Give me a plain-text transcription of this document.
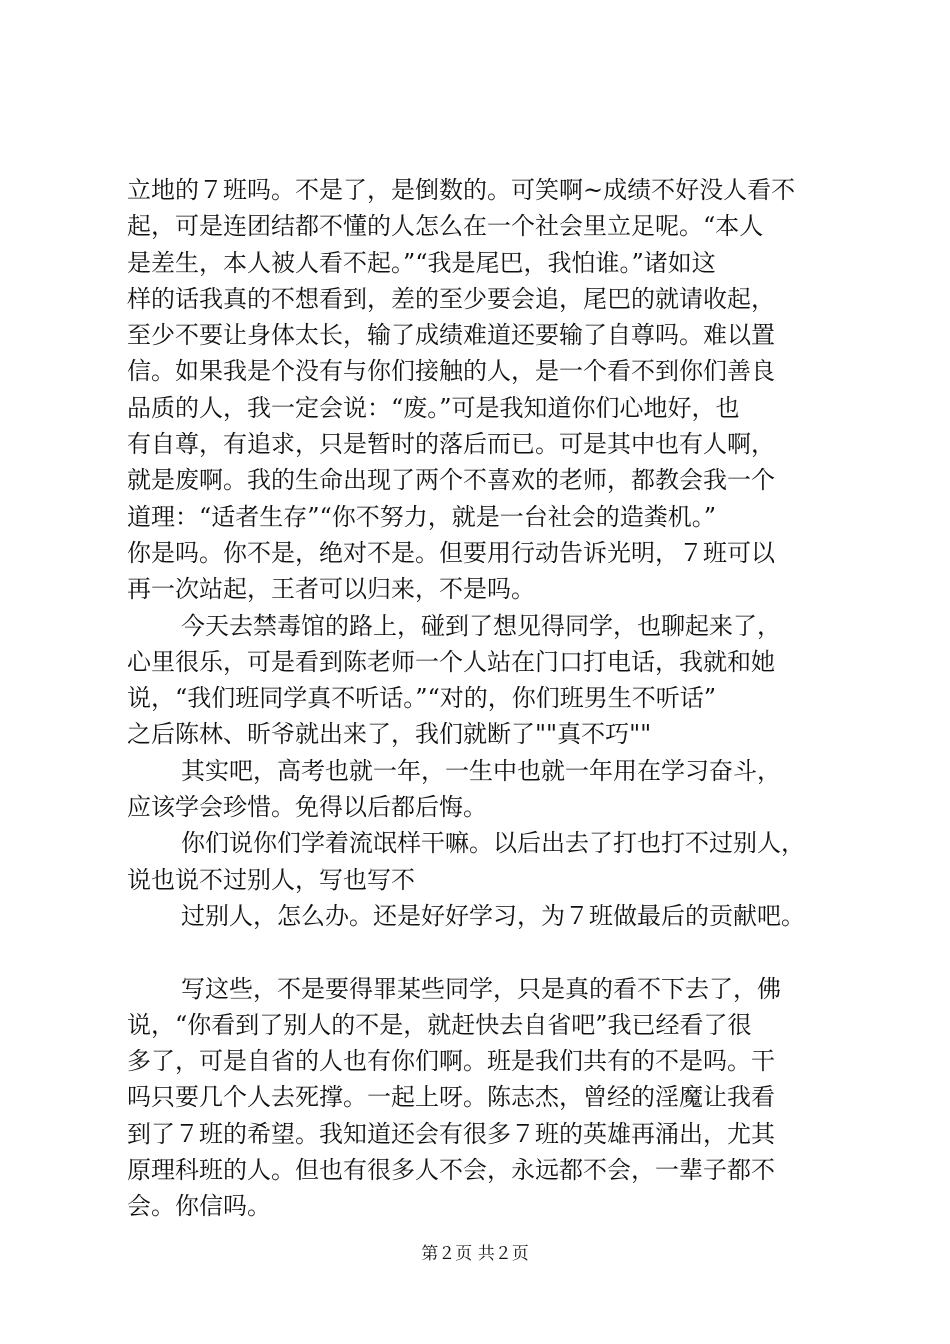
立地的７班吗。不是了，是倒数的。可笑啊~成绩不好没人看不
起，可是连团结都不懂的人怎么在一个社会里立足呢。“本人
是差生，本人被人看不起。”“我是尾巴，我怕谁。”诸如这
样的话我真的不想看到，差的至少要会追，尾巴的就请收起，
至少不要让身体太长，输了成绩难道还要输了自尊吗。难以置
信。如果我是个没有与你们接触的人，是一个看不到你们善良
品质的人，我一定会说：“废。”可是我知道你们心地好，也
有自尊，有追求，只是暂时的落后而已。可是其中也有人啊，
就是废啊。我的生命出现了两个不喜欢的老师，都教会我一个
道理：“适者生存”“你不努力，就是一台社会的造粪机。”
你是吗。你不是，绝对不是。但要用行动告诉光明，７班可以
再一次站起，王者可以归来，不是吗。
今天去禁毒馆的路上，碰到了想见得同学，也聊起来了，
心里很乐，可是看到陈老师一个人站在门口打电话，我就和她
说，“我们班同学真不听话。”“对的，你们班男生不听话”
之后陈林、昕爷就出来了，我们就断了""真不巧""
其实吧，高考也就一年，一生中也就一年用在学习奋斗，
应该学会珍惜。免得以后都后悔。
你们说你们学着流氓样干嘛。以后出去了打也打不过别人，
说也说不过别人，写也写不
过别人，怎么办。还是好好学习，为７班做最后的贡献吧。
写这些，不是要得罪某些同学，只是真的看不下去了，佛
说，“你看到了别人的不是，就赶快去自省吧”我已经看了很
多了，可是自省的人也有你们啊。班是我们共有的不是吗。干
吗只要几个人去死撑。一起上呀。陈志杰，曾经的淫魔让我看
到了７班的希望。我知道还会有很多７班的英雄再涌出，尤其
原理科班的人。但也有很多人不会，永远都不会，一辈子都不
会。你信吗。
第２页 共２页
